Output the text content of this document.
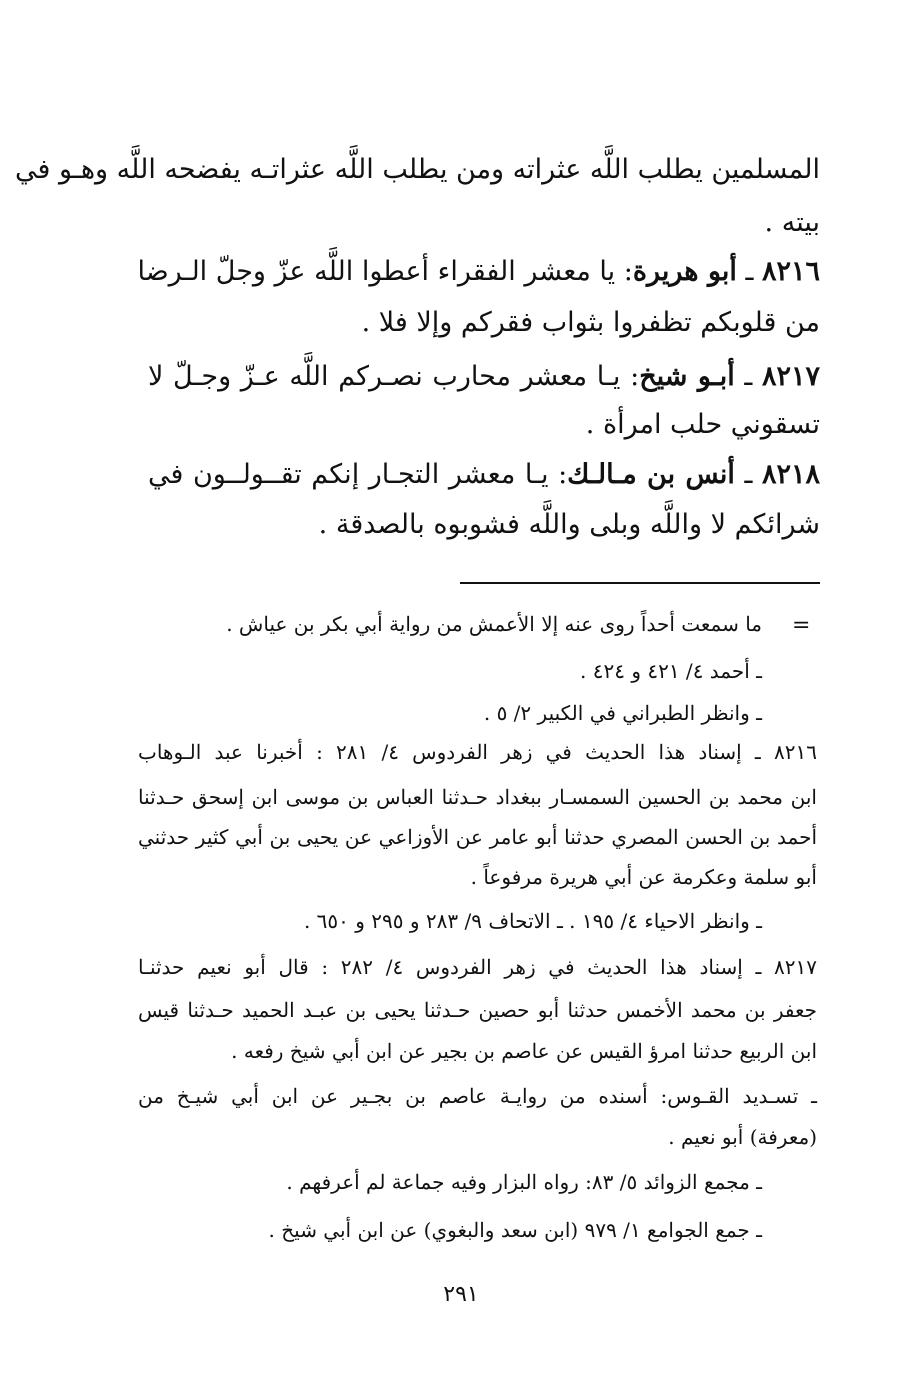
المسلمين يطلب اللَّه عثراته ومن يطلب اللَّه عثراتـه يفضحه اللَّه وهـو في
بيته .
٨٢١٦ ـ أبو هريرة: يا معشر الفقراء أعطوا اللَّه عزّ وجلّ الـرضا
من قلوبكم تظفروا بثواب فقركم وإلا فلا .
٨٢١٧ ـ أبـو شيخ: يـا معشر محارب نصـركم اللَّه عـزّ وجـلّ لا
تسقوني حلب امرأة .
٨٢١٨ ـ أنس بن مـالـك: يـا معشر التجـار إنكم تقــولــون في
شرائكم لا واللَّه وبلى واللَّه فشوبوه بالصدقة .
=
ما سمعت أحداً روى عنه إلا الأعمش من رواية أبي بكر بن عياش .
ـ أحمد ٤/ ٤٢١ و ٤٢٤ .
ـ وانظر الطبراني في الكبير ٢/ ٥ .
٨٢١٦ ـ إسناد هذا الحديث في زهر الفردوس ٤/ ٢٨١ : أخبرنا عبد الـوهاب
ابن محمد بن الحسين السمسـار ببغداد حـدثنا العباس بن موسى ابن إسحق حـدثنا
أحمد بن الحسن المصري حدثنا أبو عامر عن الأوزاعي عن يحيى بن أبي كثير حدثني
أبو سلمة وعكرمة عن أبي هريرة مرفوعاً .
ـ وانظر الاحياء ٤/ ١٩٥ . ـ الاتحاف ٩/ ٢٨٣ و ٢٩٥ و ٦٥٠ .
٨٢١٧ ـ إسناد هذا الحديث في زهر الفردوس ٤/ ٢٨٢ : قال أبو نعيم حدثنـا
جعفر بن محمد الأخمس حدثنا أبو حصين حـدثنا يحيى بن عبـد الحميد حـدثنا قيس
ابن الربيع حدثنا امرؤ القيس عن عاصم بن بجير عن ابن أبي شيخ رفعه .
ـ تسـديد القـوس: أسنده من روايـة عاصم بن بجـير عن ابن أبي شيـخ من
(معرفة) أبو نعيم .
ـ مجمع الزوائد ٥/ ٨٣: رواه البزار وفيه جماعة لم أعرفهم .
ـ جمع الجوامع ١/ ٩٧٩ (ابن سعد والبغوي) عن ابن أبي شيخ .
٢٩١
